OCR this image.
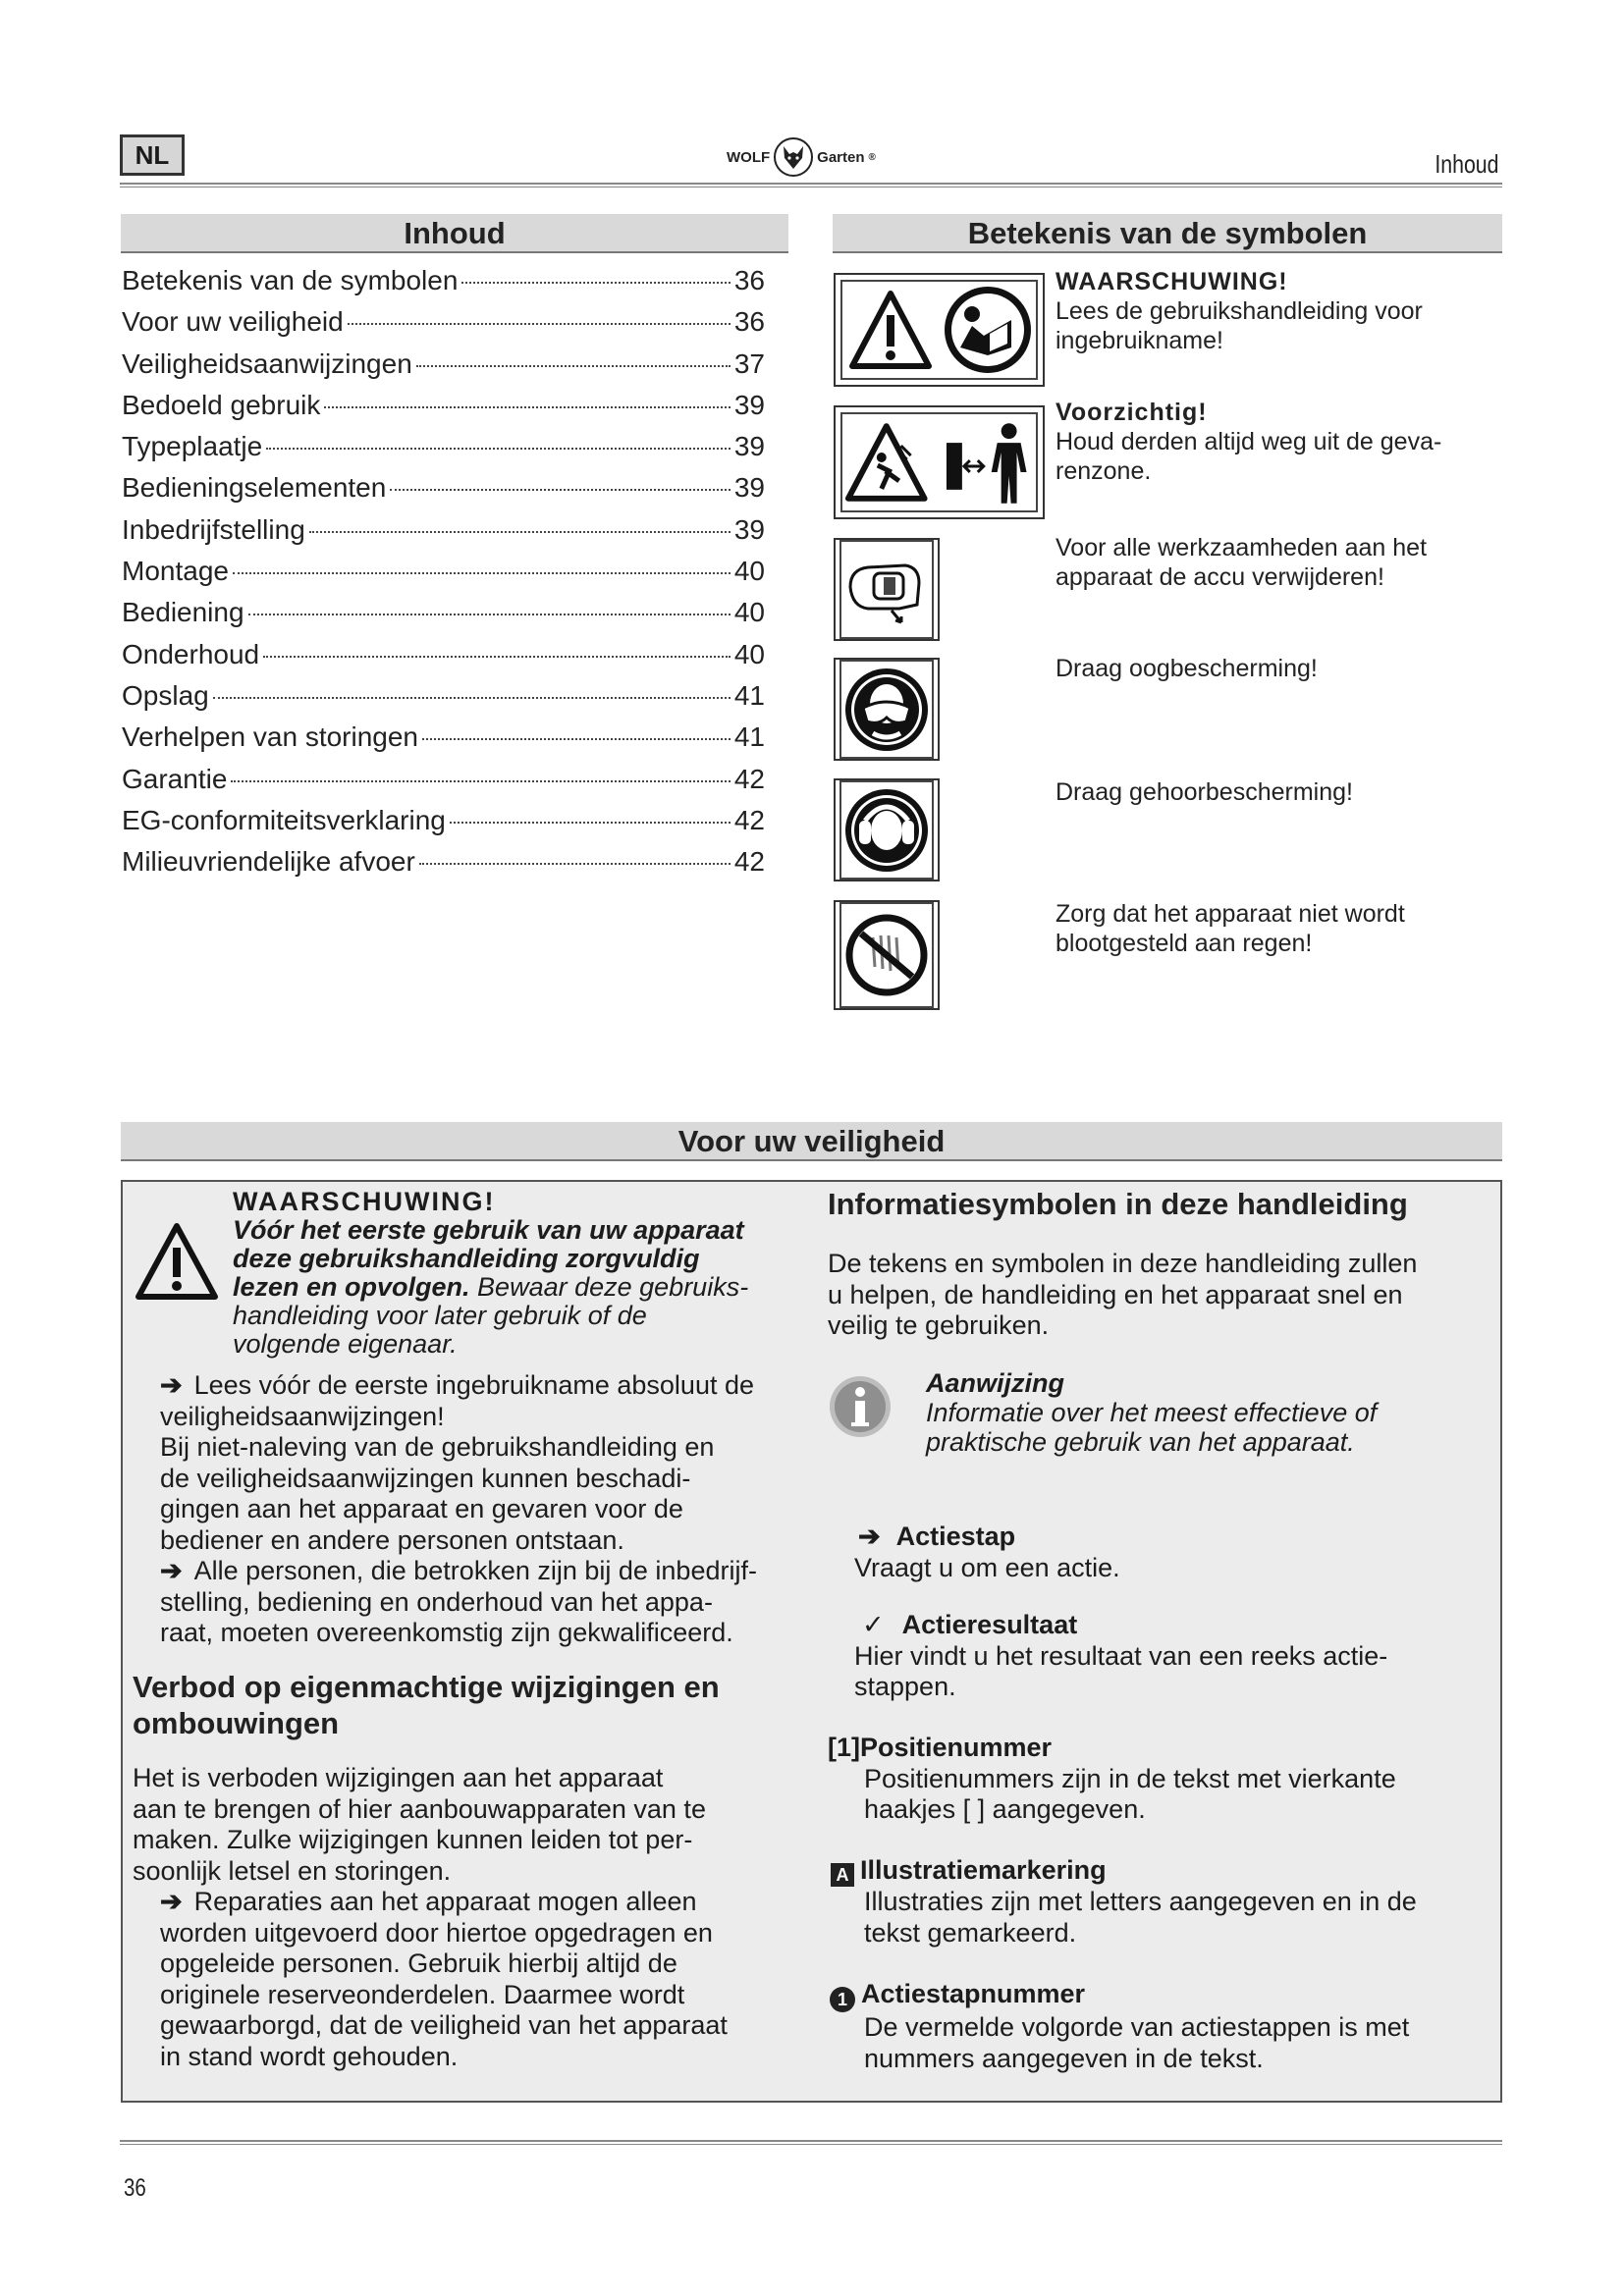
NL	WOLF	Garten ®	Inhoud
Inhoud
Betekenis van de symbolen	36
Voor uw veiligheid	36
Veiligheidsaanwijzingen	37
Bedoeld gebruik	39
Typeplaatje	39
Bedieningselementen	39
Inbedrijfstelling	39
Montage	40
Bediening	40
Onderhoud	40
Opslag	41
Verhelpen van storingen	41
Garantie	42
EG-conformiteitsverklaring	42
Milieuvriendelijke afvoer	42
Betekenis van de symbolen
WAARSCHUWING!
Lees de gebruikshandleiding voor
ingebruikname!
Voorzichtig!
Houd derden altijd weg uit de geva-
renzone.
Voor alle werkzaamheden aan het
apparaat de accu verwijderen!
Draag oogbescherming!
Draag gehoorbescherming!
Zorg dat het apparaat niet wordt
blootgesteld aan regen!
Voor uw veiligheid
WAARSCHUWING!
Vóór het eerste gebruik van uw apparaat
deze gebruikshandleiding zorgvuldig
lezen en opvolgen. Bewaar deze gebruiks-
handleiding voor later gebruik of de
volgende eigenaar.
➔ Lees vóór de eerste ingebruikname absoluut de
veiligheidsaanwijzingen!
Bij niet-naleving van de gebruikshandleiding en
de veiligheidsaanwijzingen kunnen beschadi-
gingen aan het apparaat en gevaren voor de
bediener en andere personen ontstaan.
➔ Alle personen, die betrokken zijn bij de inbedrijf-
stelling, bediening en onderhoud van het appa-
raat, moeten overeenkomstig zijn gekwalificeerd.
Verbod op eigenmachtige wijzigingen en
ombouwingen
Het is verboden wijzigingen aan het apparaat
aan te brengen of hier aanbouwapparaten van te
maken. Zulke wijzigingen kunnen leiden tot per-
soonlijk letsel en storingen.
➔ Reparaties aan het apparaat mogen alleen
worden uitgevoerd door hiertoe opgedragen en
opgeleide personen. Gebruik hierbij altijd de
originele reserveonderdelen. Daarmee wordt
gewaarborgd, dat de veiligheid van het apparaat
in stand wordt gehouden.
Informatiesymbolen in deze handleiding
De tekens en symbolen in deze handleiding zullen
u helpen, de handleiding en het apparaat snel en
veilig te gebruiken.
Aanwijzing
Informatie over het meest effectieve of
praktische gebruik van het apparaat.
➔ Actiestap
Vraagt u om een actie.
✓ Actieresultaat
Hier vindt u het resultaat van een reeks actie-
stappen.
[1]Positienummer
Positienummers zijn in de tekst met vierkante
haakjes [ ] aangegeven.
A Illustratiemarkering
Illustraties zijn met letters aangegeven en in de
tekst gemarkeerd.
1 Actiestapnummer
De vermelde volgorde van actiestappen is met
nummers aangegeven in de tekst.
36
